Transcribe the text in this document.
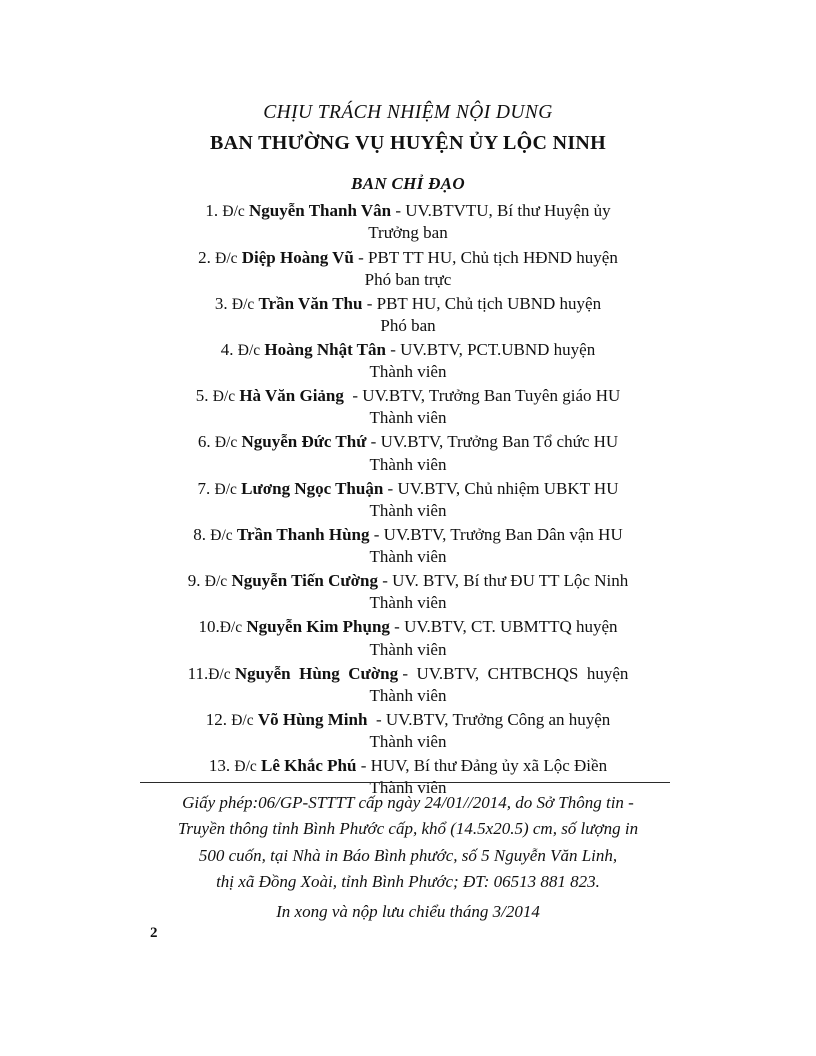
CHỊU TRÁCH NHIỆM NỘI DUNG
BAN THƯỜNG VỤ HUYỆN ỦY LỘC NINH
BAN CHỈ ĐẠO
1. Đ/c Nguyễn Thanh Vân - UV.BTVTU, Bí thư Huyện ủy
Trưởng ban
2. Đ/c Diệp Hoàng Vũ - PBT TT HU, Chủ tịch HĐND huyện
Phó ban trực
3. Đ/c Trần Văn Thu - PBT HU, Chủ tịch UBND huyện
Phó ban
4. Đ/c Hoàng Nhật Tân - UV.BTV, PCT.UBND huyện
Thành viên
5. Đ/c Hà Văn Giảng - UV.BTV, Trưởng Ban Tuyên giáo HU
Thành viên
6. Đ/c Nguyễn Đức Thứ - UV.BTV, Trưởng Ban Tổ chức HU
Thành viên
7. Đ/c Lương Ngọc Thuận - UV.BTV, Chủ nhiệm UBKT HU
Thành viên
8. Đ/c Trần Thanh Hùng - UV.BTV, Trưởng Ban Dân vận HU
Thành viên
9. Đ/c Nguyễn Tiến Cường - UV. BTV, Bí thư ĐU TT Lộc Ninh
Thành viên
10.Đ/c Nguyễn Kim Phụng - UV.BTV, CT. UBMTTQ huyện
Thành viên
11.Đ/c Nguyễn  Hùng  Cường -  UV.BTV,  CHTBCHQS  huyện
Thành viên
12. Đ/c Võ Hùng Minh - UV.BTV, Trưởng Công an huyện
Thành viên
13. Đ/c Lê Khắc Phú - HUV, Bí thư Đảng ủy xã Lộc Điền
Thành viên
Giấy phép:06/GP-STTTT cấp ngày 24/01//2014, do Sở Thông tin -
Truyền thông tỉnh Bình Phước cấp, khổ (14.5x20.5) cm, số lượng in
500 cuốn, tại Nhà in Báo Bình phước, số 5 Nguyễn Văn Linh,
thị xã Đồng Xoài, tỉnh Bình Phước; ĐT: 06513 881 823.
In xong và nộp lưu chiểu tháng 3/2014
2
